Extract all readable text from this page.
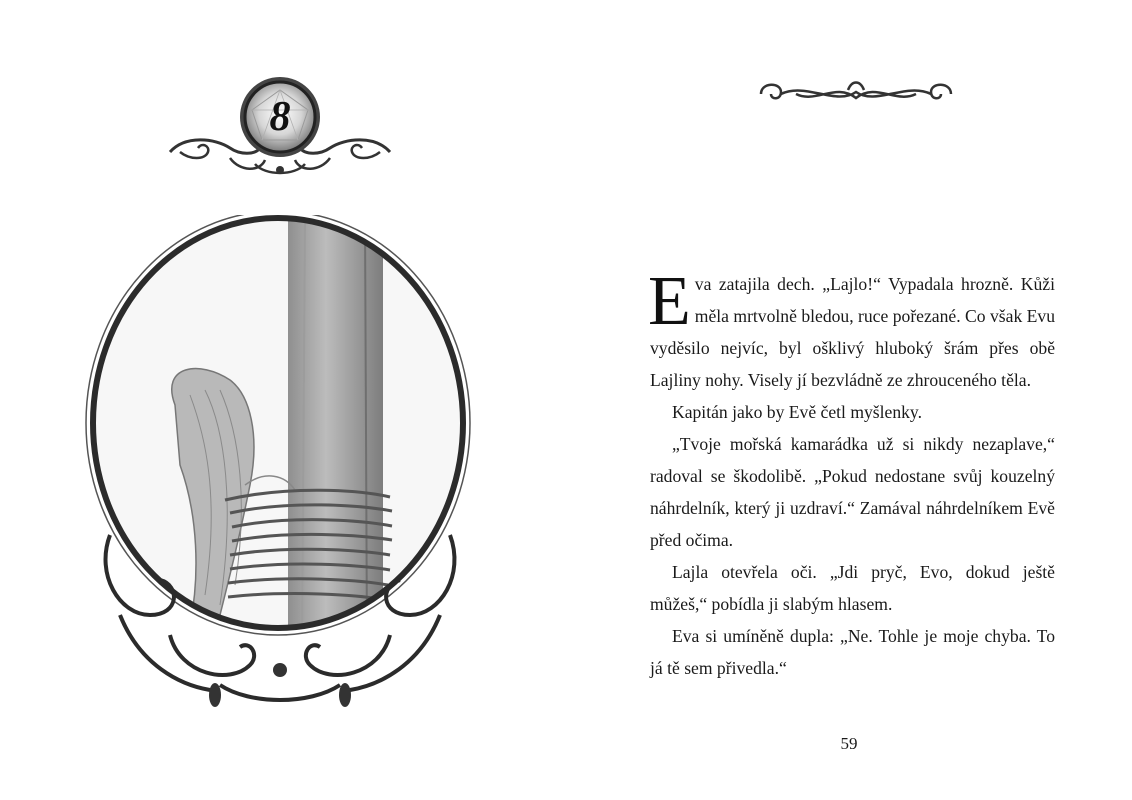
8

Eva zatajila dech. „Lajlo!“ Vypadala hrozně. Kůži měla mrtvolně bledou, ruce pořezané. Co však Evu vyděsilo nejvíc, byl ošklivý hluboký šrám přes obě Lajliny nohy. Visely jí bezvládně ze zhrouceného těla.

Kapitán jako by Evě četl myšlenky.

„Tvoje mořská kamarádka už si nikdy nezaplave,“ radoval se škodolibě. „Pokud nedostane svůj kouzelný náhrdelník, který ji uzdraví.“ Zamával náhrdelníkem Evě před očima.

Lajla otevřela oči. „Jdi pryč, Evo, dokud ještě můžeš,“ pobídla ji slabým hlasem.

Eva si umíněně dupla: „Ne. Tohle je moje chyba. To já tě sem přivedla.“

59
